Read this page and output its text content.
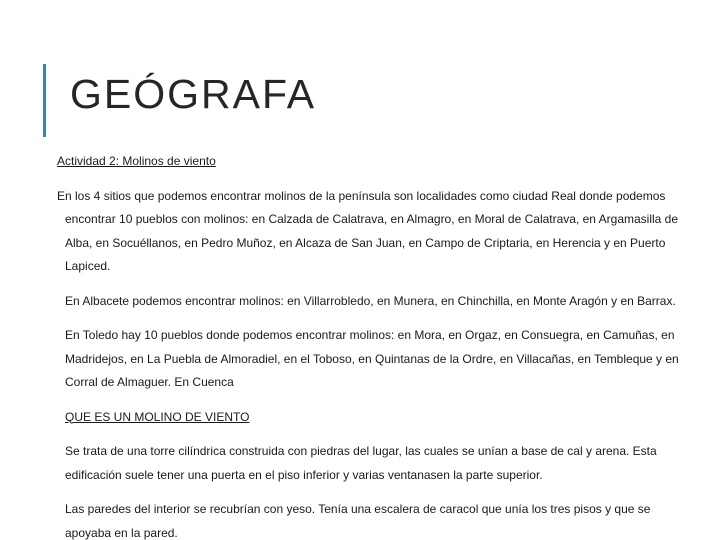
GEÓGRAFA
Actividad 2: Molinos de viento
En los 4 sitios que podemos encontrar molinos de la península son localidades como ciudad Real donde podemos encontrar 10 pueblos con molinos: en Calzada de Calatrava, en Almagro, en Moral de Calatrava, en Argamasilla de Alba, en Socuéllanos, en Pedro Muñoz, en Alcaza de San Juan, en Campo de Criptaria, en Herencia y en Puerto Lapiced.
En Albacete podemos encontrar molinos: en Villarrobledo, en Munera, en Chinchilla, en Monte Aragón y en Barrax.
En Toledo hay 10 pueblos donde podemos encontrar molinos: en Mora, en Orgaz, en Consuegra, en Camuñas, en Madridejos, en La Puebla de Almoradiel, en el Toboso, en Quintanas de la Ordre, en Villacañas, en Tembleque y en Corral de Almaguer. En Cuenca
QUE ES UN MOLINO DE VIENTO
Se trata de una torre cilíndrica construida con piedras del lugar, las cuales se unían a base de cal y arena. Esta edificación suele tener una puerta en el piso inferior y varias ventanasen la parte superior.
Las paredes del interior se recubrían con yeso. Tenía una escalera de caracol que unía los tres pisos y que se apoyaba en la pared.
